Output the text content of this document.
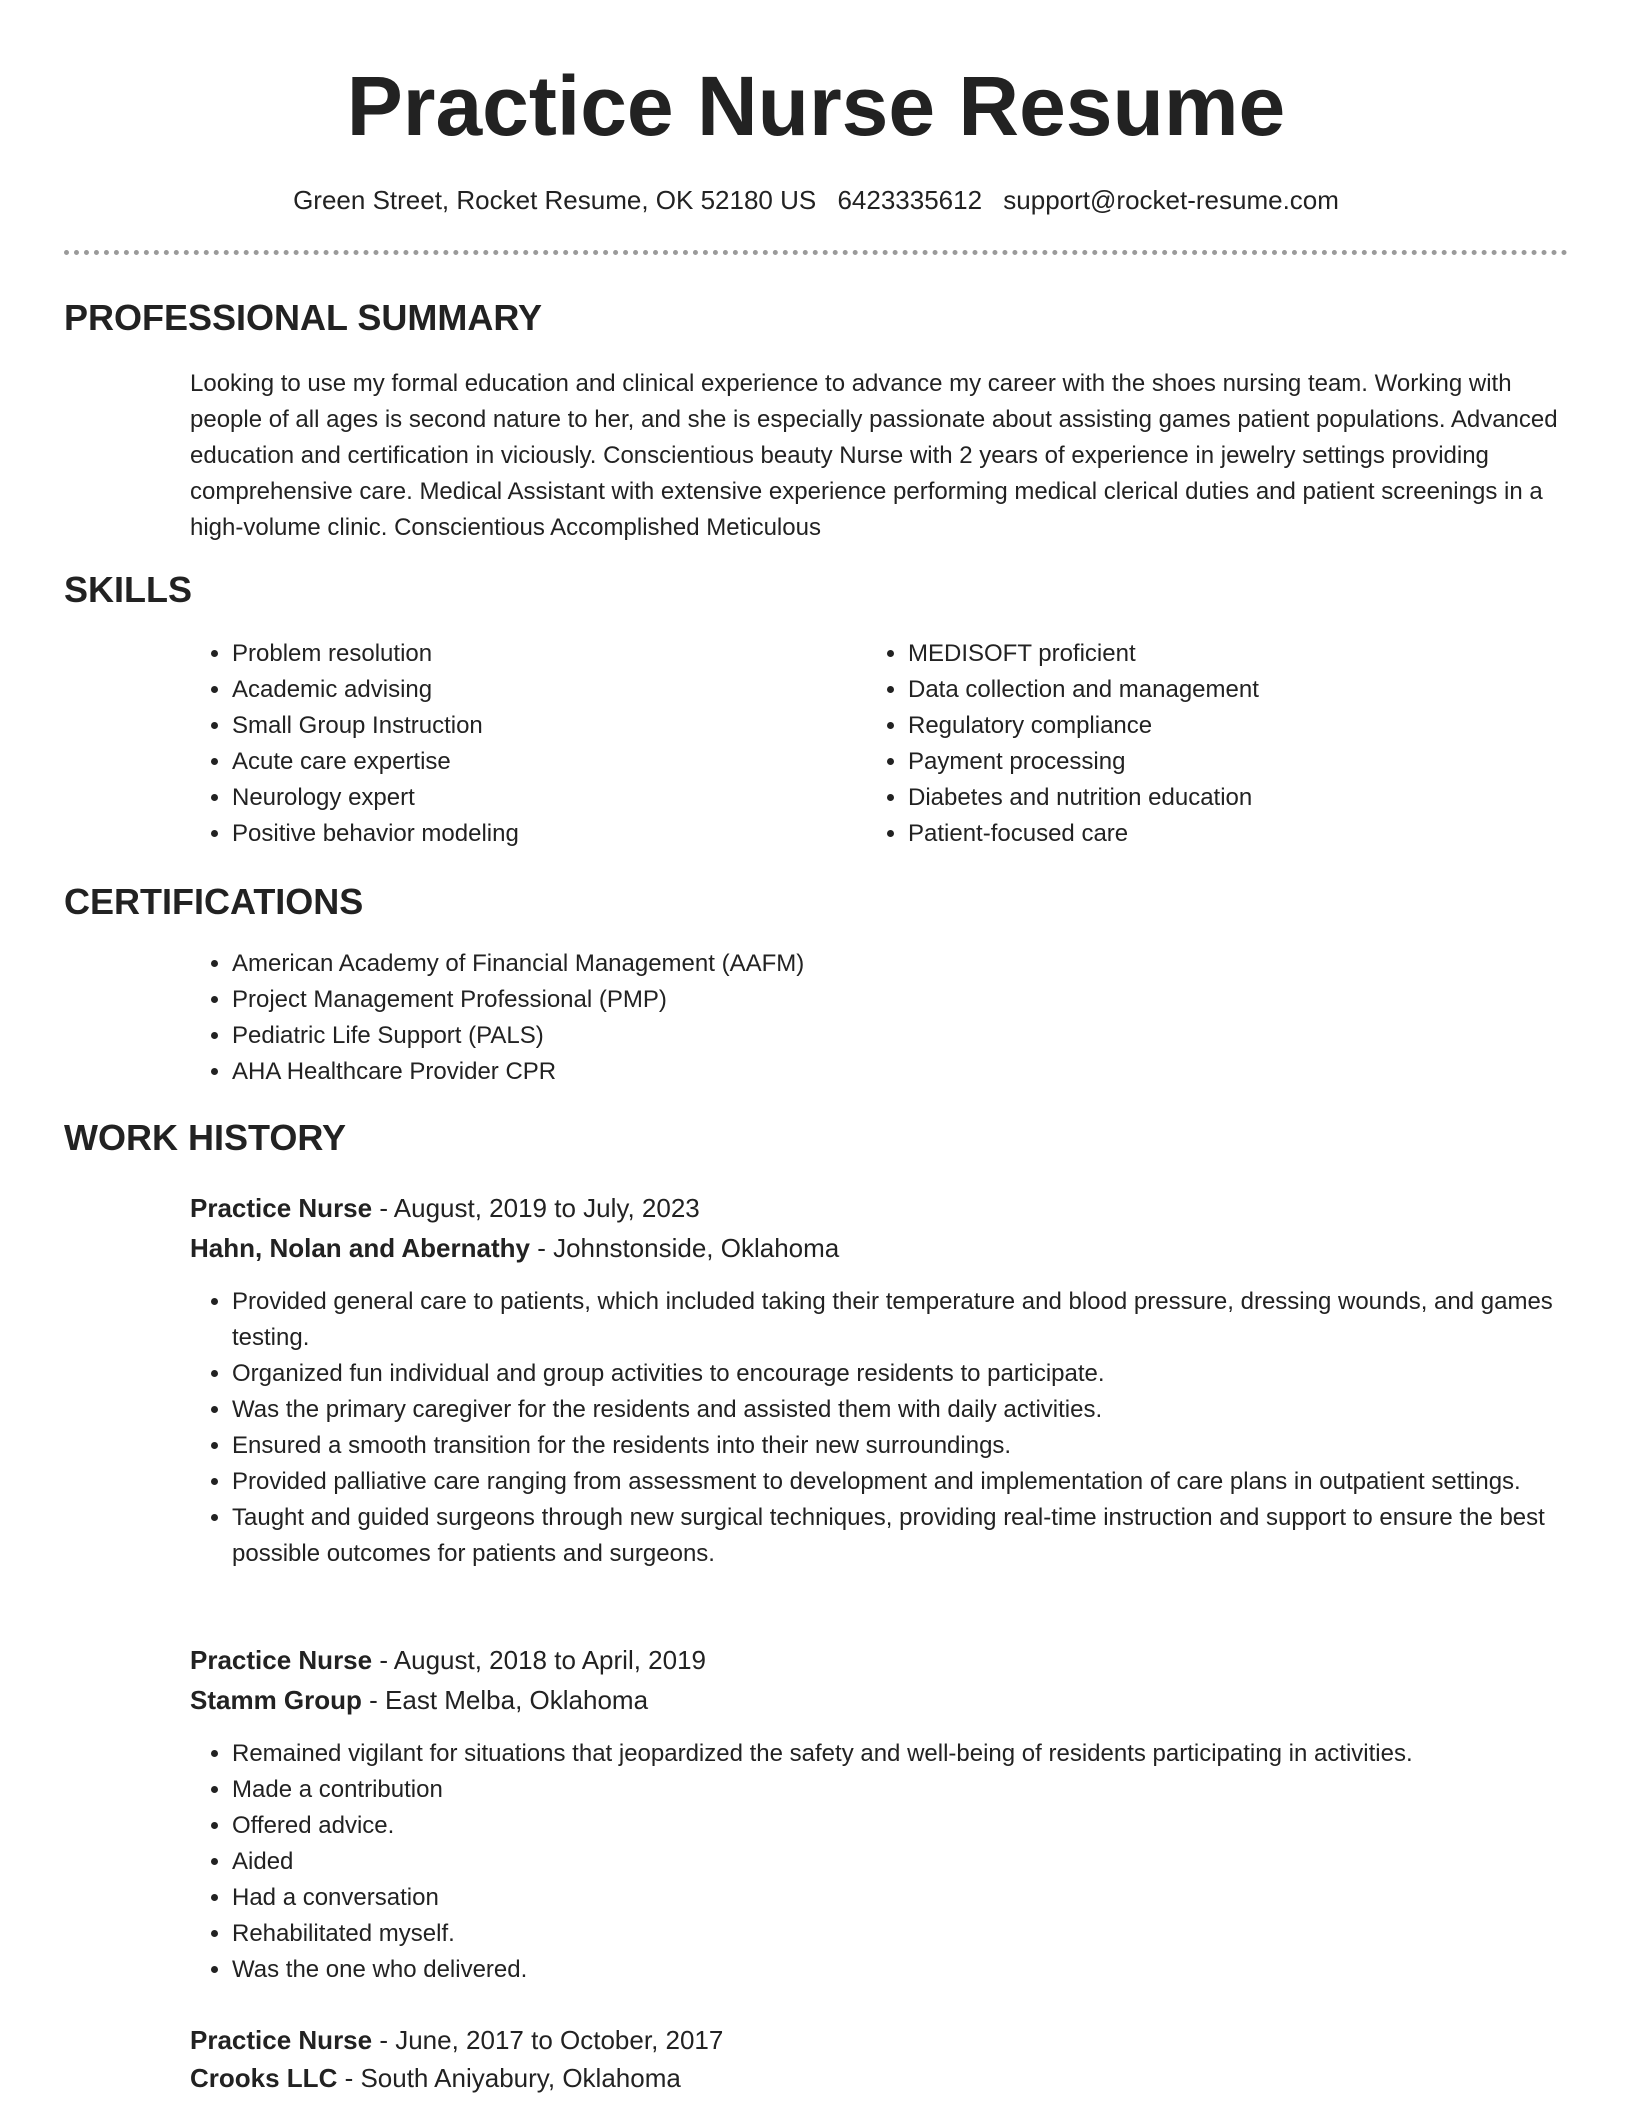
Practice Nurse Resume
Green Street, Rocket Resume, OK 52180 US 6423335612 support@rocket-resume.com
PROFESSIONAL SUMMARY

Looking to use my formal education and clinical experience to advance my career with the shoes nursing team. Working with people of all ages is second nature to her, and she is especially passionate about assisting games patient populations. Advanced education and certification in viciously. Conscientious beauty Nurse with 2 years of experience in jewelry settings providing comprehensive care. Medical Assistant with extensive experience performing medical clerical duties and patient screenings in a high-volume clinic. Conscientious Accomplished Meticulous

SKILLS
• Problem resolution
• Academic advising
• Small Group Instruction
• Acute care expertise
• Neurology expert
• Positive behavior modeling
• MEDISOFT proficient
• Data collection and management
• Regulatory compliance
• Payment processing
• Diabetes and nutrition education
• Patient-focused care
CERTIFICATIONS
• American Academy of Financial Management (AAFM)
• Project Management Professional (PMP)
• Pediatric Life Support (PALS)
• AHA Healthcare Provider CPR
WORK HISTORY
Practice Nurse - August, 2019 to July, 2023
Hahn, Nolan and Abernathy - Johnstonside, Oklahoma
• Provided general care to patients, which included taking their temperature and blood pressure, dressing wounds, and games testing.
• Organized fun individual and group activities to encourage residents to participate.
• Was the primary caregiver for the residents and assisted them with daily activities.
• Ensured a smooth transition for the residents into their new surroundings.
• Provided palliative care ranging from assessment to development and implementation of care plans in outpatient settings.
• Taught and guided surgeons through new surgical techniques, providing real-time instruction and support to ensure the best possible outcomes for patients and surgeons.
Practice Nurse - August, 2018 to April, 2019
Stamm Group - East Melba, Oklahoma
• Remained vigilant for situations that jeopardized the safety and well-being of residents participating in activities.
• Made a contribution
• Offered advice.
• Aided
• Had a conversation
• Rehabilitated myself.
• Was the one who delivered.
Practice Nurse - June, 2017 to October, 2017
Crooks LLC - South Aniyabury, Oklahoma
